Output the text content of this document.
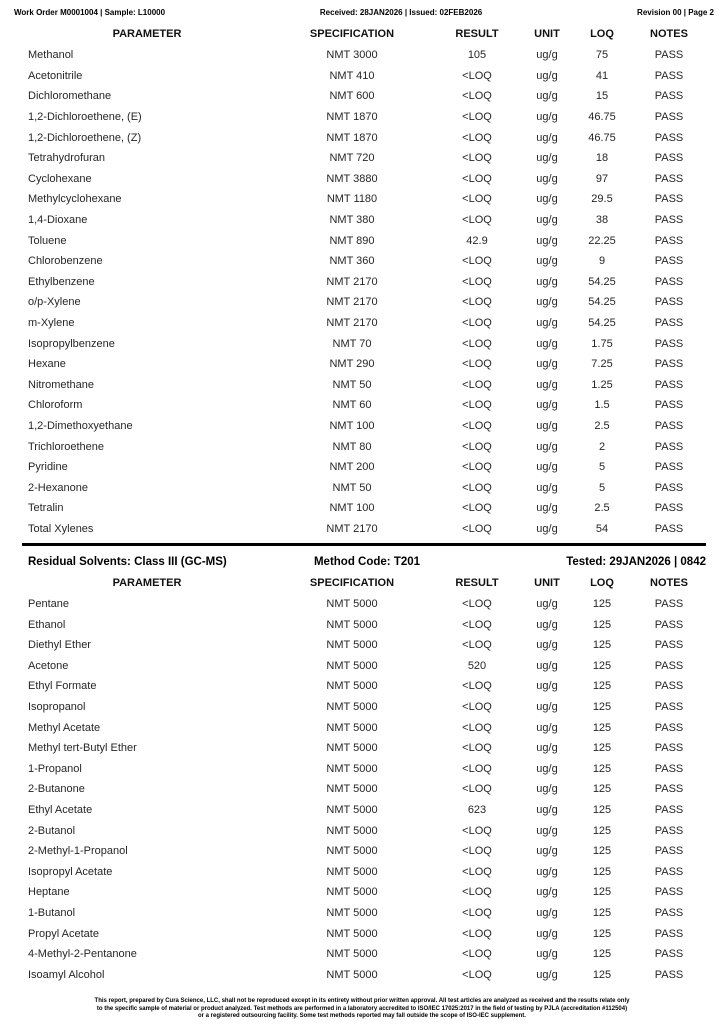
Work Order M0001004 | Sample: L10000	Received: 28JAN2026 | Issued: 02FEB2026	Revision 00 | Page 2
PARAMETER	SPECIFICATION	RESULT	UNIT	LOQ	NOTES
Methanol	NMT 3000	105	ug/g	75	PASS
Acetonitrile	NMT 410	<LOQ	ug/g	41	PASS
Dichloromethane	NMT 600	<LOQ	ug/g	15	PASS
1,2-Dichloroethene, (E)	NMT 1870	<LOQ	ug/g	46.75	PASS
1,2-Dichloroethene, (Z)	NMT 1870	<LOQ	ug/g	46.75	PASS
Tetrahydrofuran	NMT 720	<LOQ	ug/g	18	PASS
Cyclohexane	NMT 3880	<LOQ	ug/g	97	PASS
Methylcyclohexane	NMT 1180	<LOQ	ug/g	29.5	PASS
1,4-Dioxane	NMT 380	<LOQ	ug/g	38	PASS
Toluene	NMT 890	42.9	ug/g	22.25	PASS
Chlorobenzene	NMT 360	<LOQ	ug/g	9	PASS
Ethylbenzene	NMT 2170	<LOQ	ug/g	54.25	PASS
o/p-Xylene	NMT 2170	<LOQ	ug/g	54.25	PASS
m-Xylene	NMT 2170	<LOQ	ug/g	54.25	PASS
Isopropylbenzene	NMT 70	<LOQ	ug/g	1.75	PASS
Hexane	NMT 290	<LOQ	ug/g	7.25	PASS
Nitromethane	NMT 50	<LOQ	ug/g	1.25	PASS
Chloroform	NMT 60	<LOQ	ug/g	1.5	PASS
1,2-Dimethoxyethane	NMT 100	<LOQ	ug/g	2.5	PASS
Trichloroethene	NMT 80	<LOQ	ug/g	2	PASS
Pyridine	NMT 200	<LOQ	ug/g	5	PASS
2-Hexanone	NMT 50	<LOQ	ug/g	5	PASS
Tetralin	NMT 100	<LOQ	ug/g	2.5	PASS
Total Xylenes	NMT 2170	<LOQ	ug/g	54	PASS
Residual Solvents: Class III (GC-MS)	Method Code: T201	Tested: 29JAN2026 | 0842
PARAMETER	SPECIFICATION	RESULT	UNIT	LOQ	NOTES
Pentane	NMT 5000	<LOQ	ug/g	125	PASS
Ethanol	NMT 5000	<LOQ	ug/g	125	PASS
Diethyl Ether	NMT 5000	<LOQ	ug/g	125	PASS
Acetone	NMT 5000	520	ug/g	125	PASS
Ethyl Formate	NMT 5000	<LOQ	ug/g	125	PASS
Isopropanol	NMT 5000	<LOQ	ug/g	125	PASS
Methyl Acetate	NMT 5000	<LOQ	ug/g	125	PASS
Methyl tert-Butyl Ether	NMT 5000	<LOQ	ug/g	125	PASS
1-Propanol	NMT 5000	<LOQ	ug/g	125	PASS
2-Butanone	NMT 5000	<LOQ	ug/g	125	PASS
Ethyl Acetate	NMT 5000	623	ug/g	125	PASS
2-Butanol	NMT 5000	<LOQ	ug/g	125	PASS
2-Methyl-1-Propanol	NMT 5000	<LOQ	ug/g	125	PASS
Isopropyl Acetate	NMT 5000	<LOQ	ug/g	125	PASS
Heptane	NMT 5000	<LOQ	ug/g	125	PASS
1-Butanol	NMT 5000	<LOQ	ug/g	125	PASS
Propyl Acetate	NMT 5000	<LOQ	ug/g	125	PASS
4-Methyl-2-Pentanone	NMT 5000	<LOQ	ug/g	125	PASS
Isoamyl Alcohol	NMT 5000	<LOQ	ug/g	125	PASS
This report, prepared by Cura Science, LLC, shall not be reproduced except in its entirety without prior written approval. All test articles are analyzed as received and the results relate only
to the specific sample of material or product analyzed. Test methods are performed in a laboratory accredited to ISO/IEC 17025:2017 in the field of testing by PJLA (accreditation #112504)
or a registered outsourcing facility. Some test methods reported may fall outside the scope of ISO-IEC supplement.
